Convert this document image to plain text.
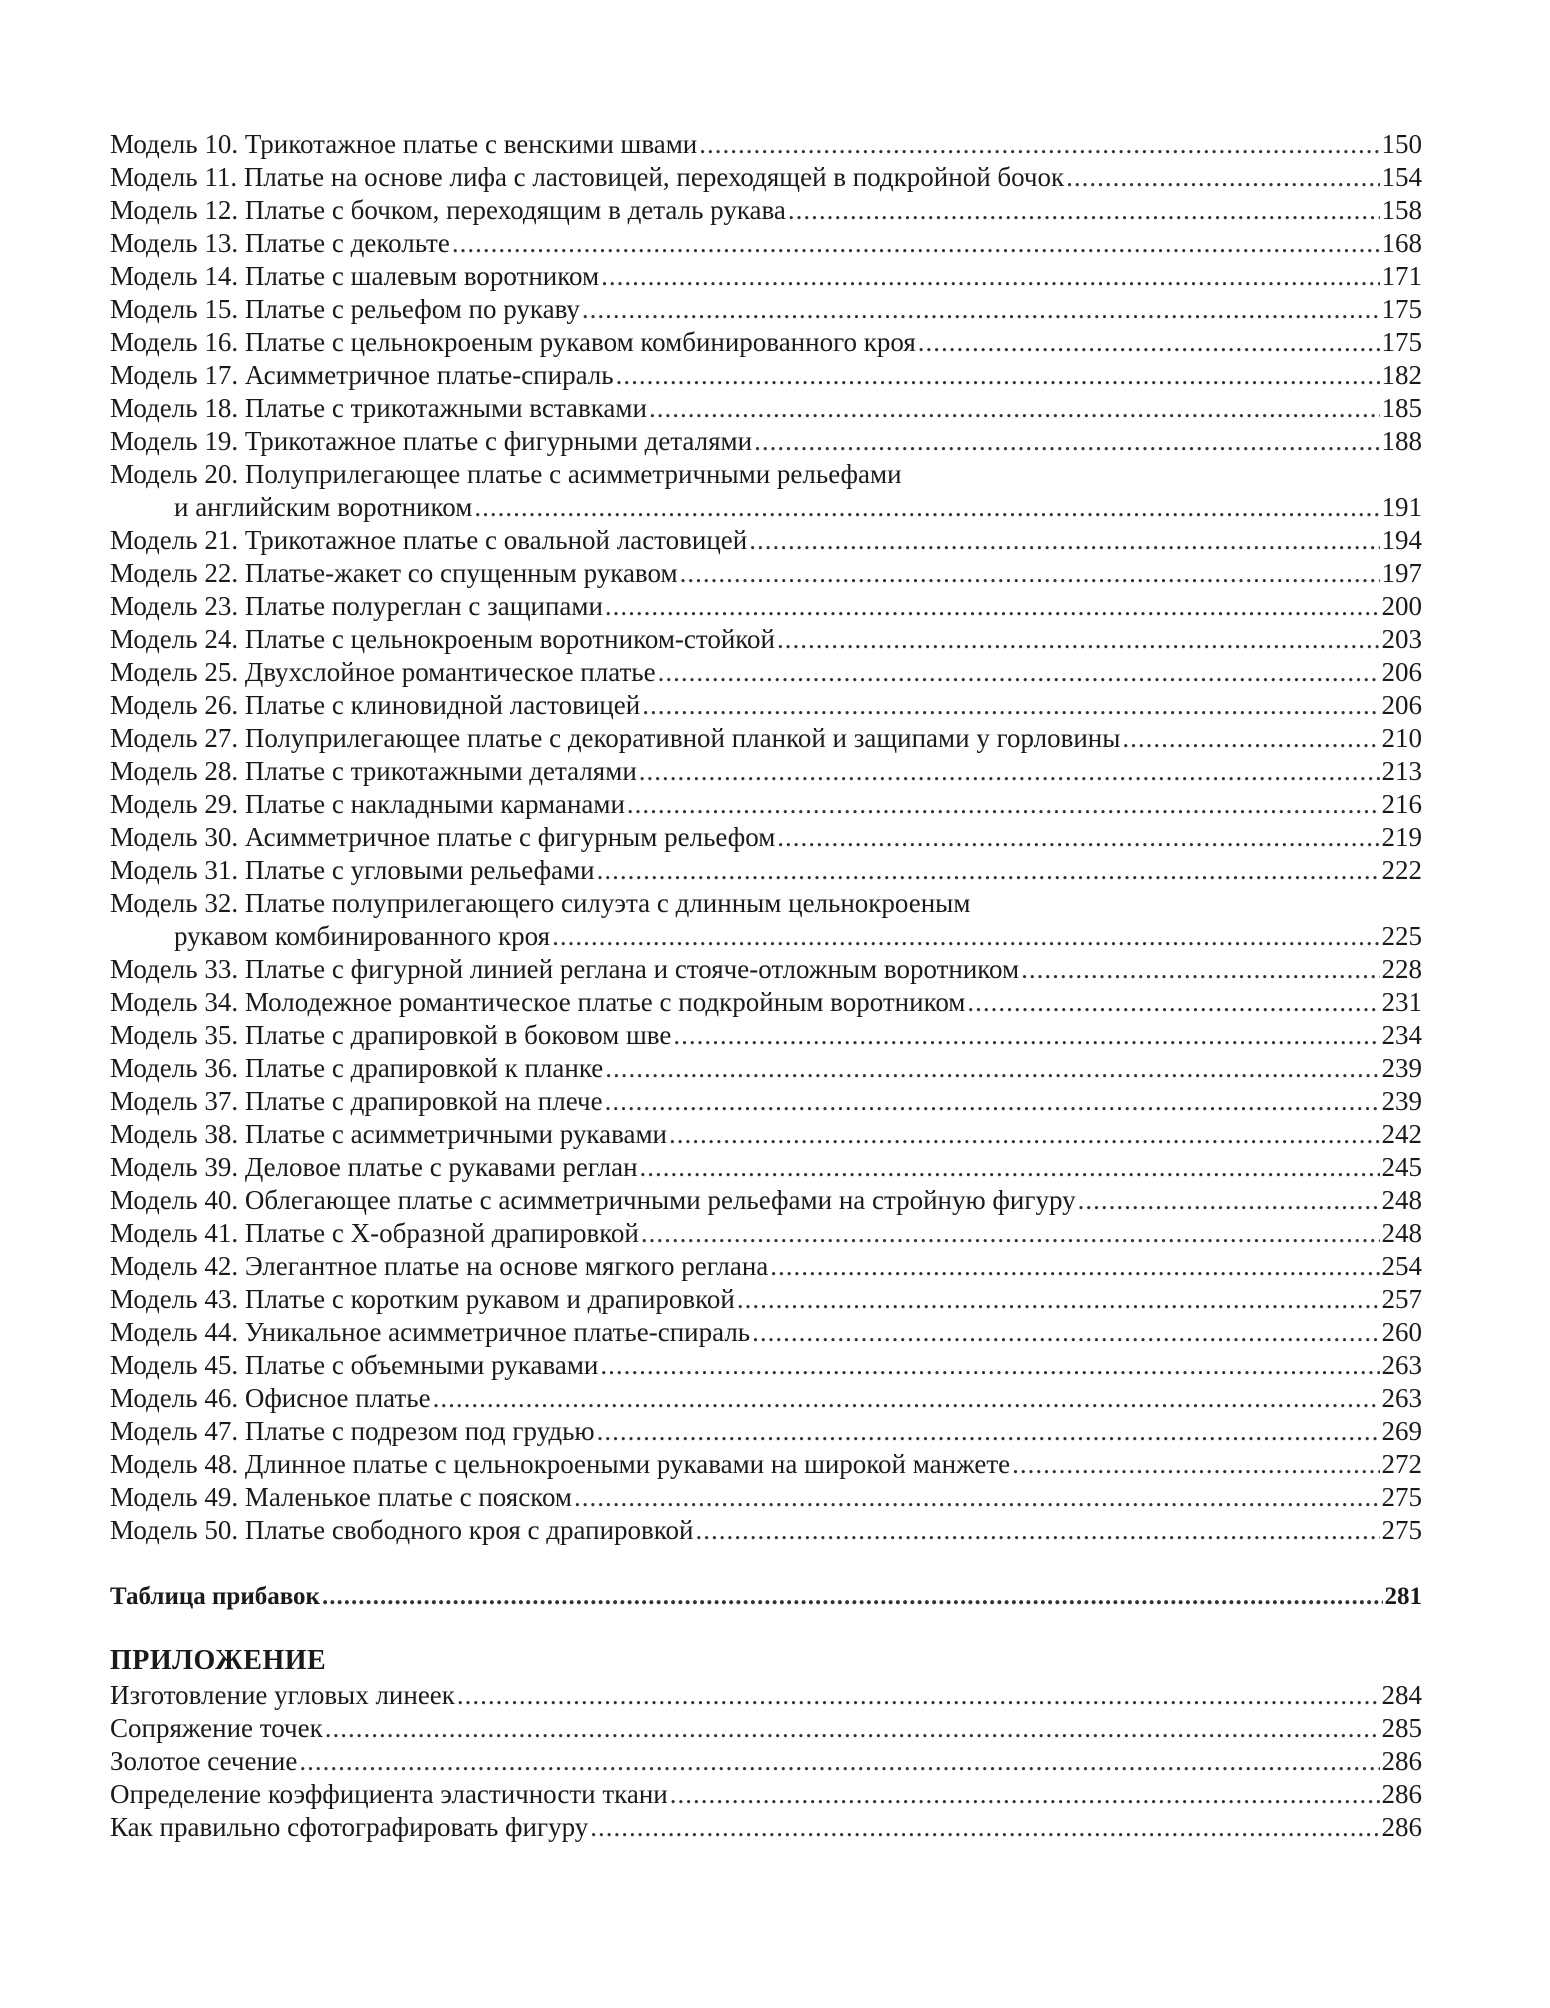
Модель 10. Трикотажное платье с венскими швами .....	150
Модель 11. Платье на основе лифа с ластовицей, переходящей в подкройной бочок .....	154
Модель 12. Платье с бочком, переходящим в деталь рукава .....	158
Модель 13. Платье с декольте .....	168
Модель 14. Платье с шалевым воротником .....	171
Модель 15. Платье с рельефом по рукаву .....	175
Модель 16. Платье с цельнокроеным рукавом комбинированного кроя .....	175
Модель 17. Асимметричное платье-спираль .....	182
Модель 18. Платье с трикотажными вставками .....	185
Модель 19. Трикотажное платье с фигурными деталями .....	188
Модель 20. Полуприлегающее платье с асимметричными рельефами
и английским воротником .....	191
Модель 21. Трикотажное платье с овальной ластовицей .....	194
Модель 22. Платье-жакет со спущенным рукавом .....	197
Модель 23. Платье полуреглан с защипами .....	200
Модель 24. Платье с цельнокроеным воротником-стойкой .....	203
Модель 25. Двухслойное романтическое платье .....	206
Модель 26. Платье с клиновидной ластовицей .....	206
Модель 27. Полуприлегающее платье с декоративной планкой и защипами у горловины .....	210
Модель 28. Платье с трикотажными деталями .....	213
Модель 29. Платье с накладными карманами .....	216
Модель 30. Асимметричное платье с фигурным рельефом .....	219
Модель 31. Платье с угловыми рельефами .....	222
Модель 32. Платье полуприлегающего силуэта с длинным цельнокроеным
рукавом комбинированного кроя .....	225
Модель 33. Платье с фигурной линией реглана и стояче-отложным воротником .....	228
Модель 34. Молодежное романтическое платье с подкройным воротником .....	231
Модель 35. Платье с драпировкой в боковом шве .....	234
Модель 36. Платье с драпировкой к планке .....	239
Модель 37. Платье с драпировкой на плече .....	239
Модель 38. Платье с асимметричными рукавами .....	242
Модель 39. Деловое платье с рукавами реглан .....	245
Модель 40. Облегающее платье с асимметричными рельефами на стройную фигуру .....	248
Модель 41. Платье с Х-образной драпировкой .....	248
Модель 42. Элегантное платье на основе мягкого реглана .....	254
Модель 43. Платье с коротким рукавом и драпировкой .....	257
Модель 44. Уникальное асимметричное платье-спираль .....	260
Модель 45. Платье с объемными рукавами .....	263
Модель 46. Офисное платье .....	263
Модель 47. Платье с подрезом под грудью .....	269
Модель 48. Длинное платье с цельнокроеными рукавами на широкой манжете .....	272
Модель 49. Маленькое платье с пояском .....	275
Модель 50. Платье свободного кроя с драпировкой .....	275
Таблица прибавок .....	281
ПРИЛОЖЕНИЕ
Изготовление угловых линеек .....	284
Сопряжение точек .....	285
Золотое сечение .....	286
Определение коэффициента эластичности ткани .....	286
Как правильно сфотографировать фигуру .....	286
